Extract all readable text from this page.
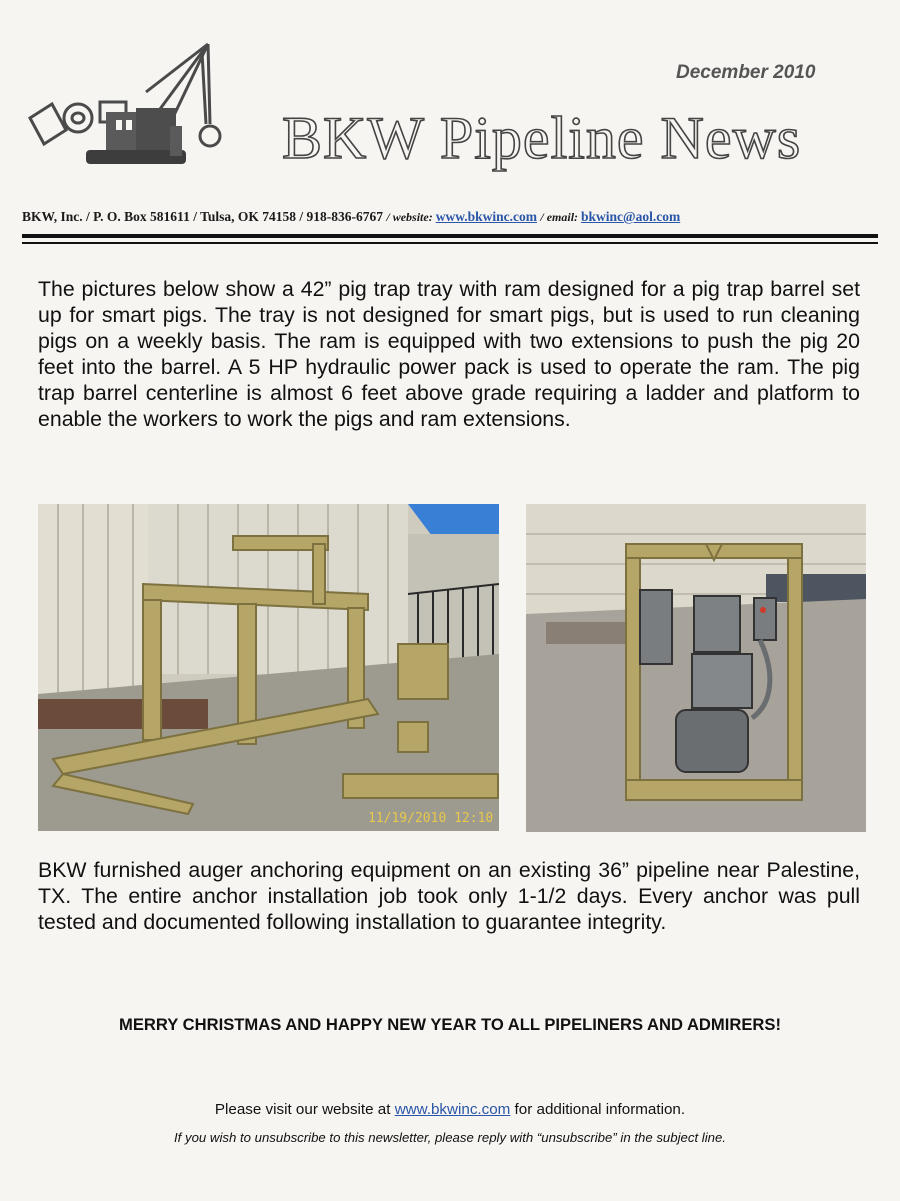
December 2010
BKW Pipeline News
BKW, Inc. / P. O. Box 581611 / Tulsa, OK 74158 / 918-836-6767 / website: www.bkwinc.com / email: bkwinc@aol.com
The pictures below show a 42” pig trap tray with ram designed for a pig trap barrel set up for smart pigs. The tray is not designed for smart pigs, but is used to run cleaning pigs on a weekly basis. The ram is equipped with two extensions to push the pig 20 feet into the barrel. A 5 HP hydraulic power pack is used to operate the ram. The pig trap barrel centerline is almost 6 feet above grade requiring a ladder and platform to enable the workers to work the pigs and ram extensions.
11/19/2010 12:10
BKW furnished auger anchoring equipment on an existing 36” pipeline near Palestine, TX. The entire anchor installation job took only 1-1/2 days. Every anchor was pull tested and documented following installation to guarantee integrity.
MERRY CHRISTMAS AND HAPPY NEW YEAR TO ALL PIPELINERS AND ADMIRERS!
Please visit our website at www.bkwinc.com for additional information.
If you wish to unsubscribe to this newsletter, please reply with “unsubscribe” in the subject line.
